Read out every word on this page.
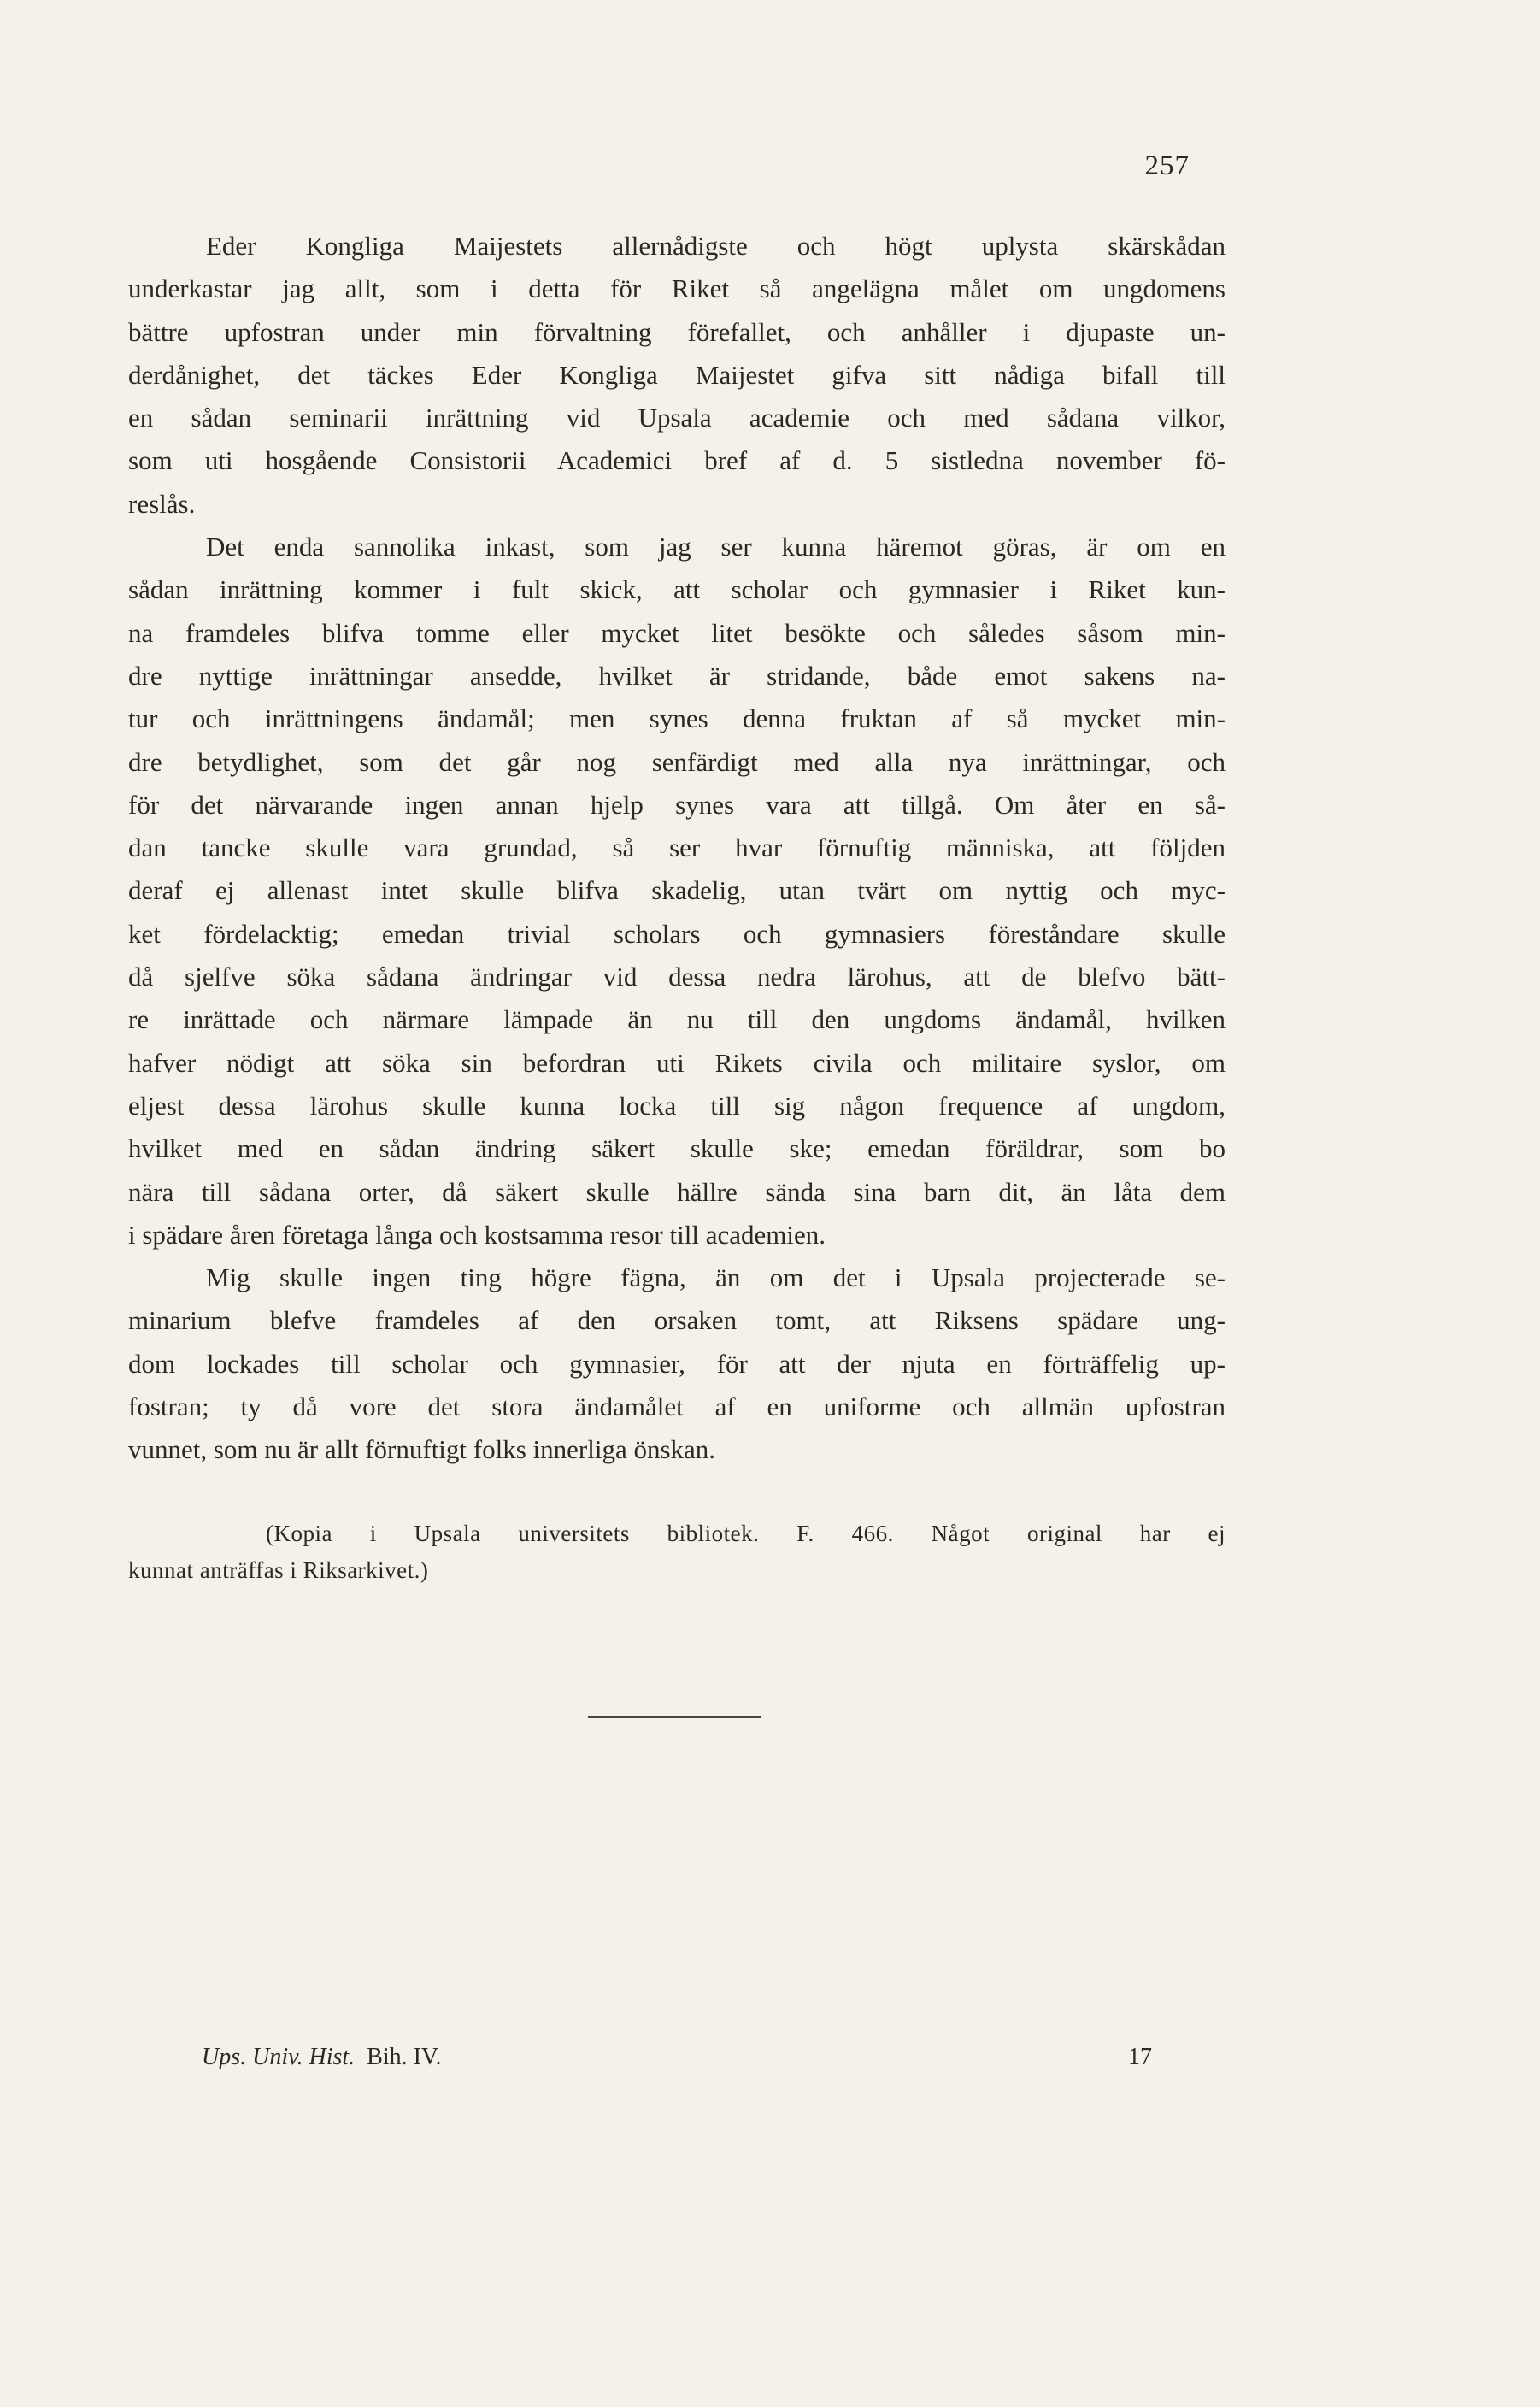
257

Eder Kongliga Maijestets allernådigste och högt uplysta skärskådan
underkastar jag allt, som i detta för Riket så angelägna målet om ungdomens
bättre upfostran under min förvaltning förefallet, och anhåller i djupaste un-
derdånighet, det täckes Eder Kongliga Maijestet gifva sitt nådiga bifall till
en sådan seminarii inrättning vid Upsala academie och med sådana vilkor,
som uti hosgående Consistorii Academici bref af d. 5 sistledna november fö-
reslås.

Det enda sannolika inkast, som jag ser kunna häremot göras, är om en
sådan inrättning kommer i fult skick, att scholar och gymnasier i Riket kun-
na framdeles blifva tomme eller mycket litet besökte och således såsom min-
dre nyttige inrättningar ansedde, hvilket är stridande, både emot sakens na-
tur och inrättningens ändamål; men synes denna fruktan af så mycket min-
dre betydlighet, som det går nog senfärdigt med alla nya inrättningar, och
för det närvarande ingen annan hjelp synes vara att tillgå. Om åter en så-
dan tancke skulle vara grundad, så ser hvar förnuftig människa, att följden
deraf ej allenast intet skulle blifva skadelig, utan tvärt om nyttig och myc-
ket fördelacktig; emedan trivial scholars och gymnasiers föreståndare skulle
då sjelfve söka sådana ändringar vid dessa nedra lärohus, att de blefvo bätt-
re inrättade och närmare lämpade än nu till den ungdoms ändamål, hvilken
hafver nödigt att söka sin befordran uti Rikets civila och militaire syslor, om
eljest dessa lärohus skulle kunna locka till sig någon frequence af ungdom,
hvilket med en sådan ändring säkert skulle ske; emedan föräldrar, som bo
nära till sådana orter, då säkert skulle hällre sända sina barn dit, än låta dem
i spädare åren företaga långa och kostsamma resor till academien.

Mig skulle ingen ting högre fägna, än om det i Upsala projecterade se-
minarium blefve framdeles af den orsaken tomt, att Riksens spädare ung-
dom lockades till scholar och gymnasier, för att der njuta en förträffelig up-
fostran; ty då vore det stora ändamålet af en uniforme och allmän upfostran
vunnet, som nu är allt förnuftigt folks innerliga önskan.

(Kopia i Upsala universitets bibliotek. F. 466. Något original har ej
kunnat anträffas i Riksarkivet.)
Ups. Univ. Hist. Bih. IV.	17
